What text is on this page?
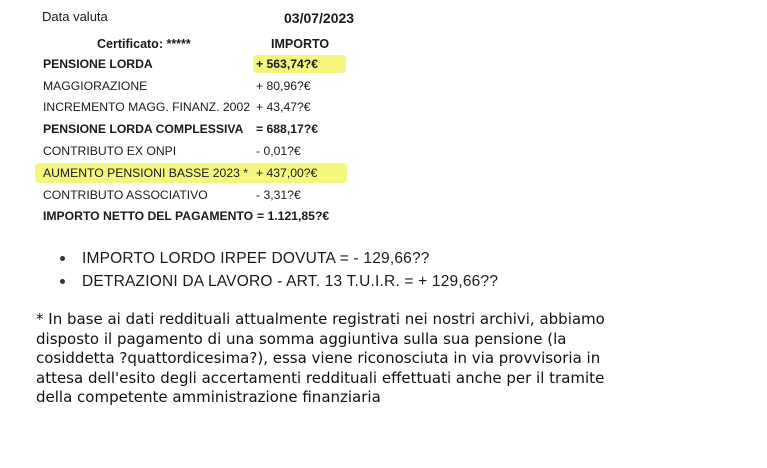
Data valuta	03/07/2023
Certificato: *****	IMPORTO
PENSIONE LORDA	+ 563,74?€
MAGGIORAZIONE	+ 80,96?€
INCREMENTO MAGG. FINANZ. 2002 + 43,47?€
PENSIONE LORDA COMPLESSIVA	= 688,17?€
CONTRIBUTO EX ONPI	- 0,01?€
AUMENTO PENSIONI BASSE 2023 * + 437,00?€
CONTRIBUTO ASSOCIATIVO	- 3,31?€
IMPORTO NETTO DEL PAGAMENTO = 1.121,85?€
IMPORTO LORDO IRPEF DOVUTA = - 129,66??
DETRAZIONI DA LAVORO - ART. 13 T.U.I.R. = + 129,66??

* In base ai dati reddituali attualmente registrati nei nostri archivi, abbiamo

disposto il pagamento di una somma aggiuntiva sulla sua pensione (la

cosiddetta ?quattordicesima?), essa viene riconosciuta in via provvisoria in

attesa dell'esito degli accertamenti reddituali effettuati anche per il tramite

della competente amministrazione finanziaria
